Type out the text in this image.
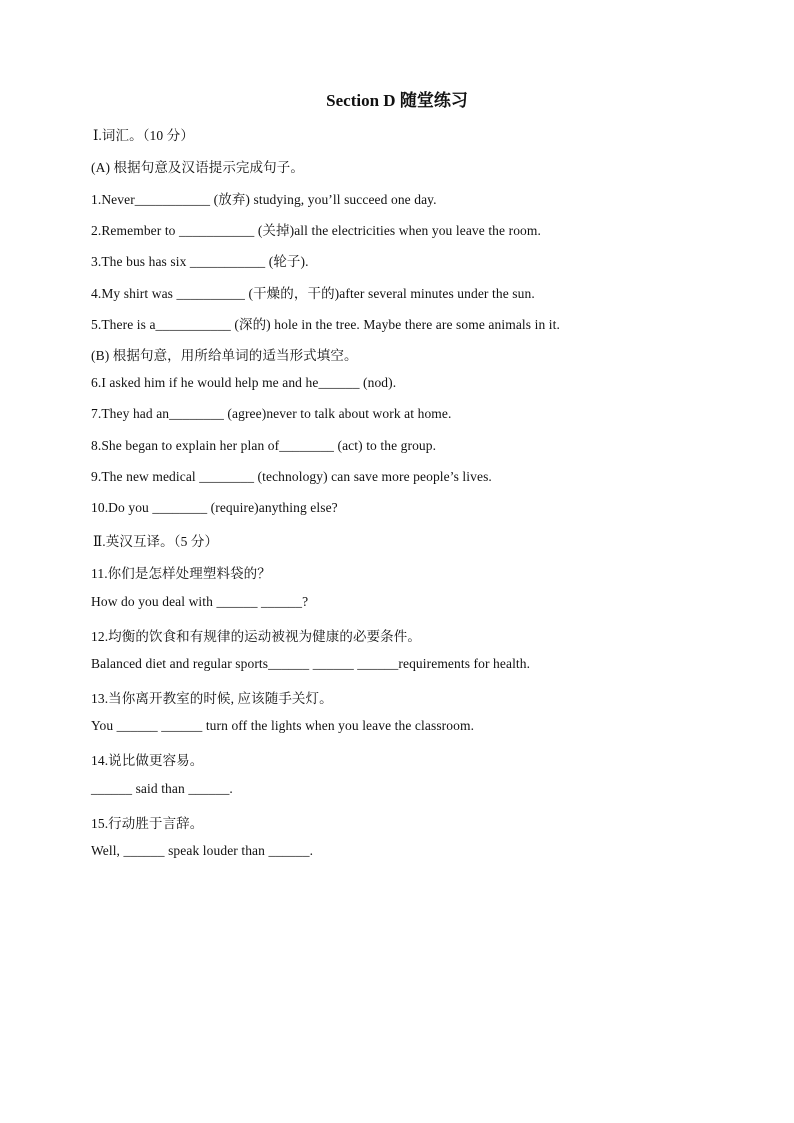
Section D 随堂练习
Ⅰ.词汇。（10 分）
(A) 根据句意及汉语提示完成句子。
1.Never___________ (放弃) studying, you’ll succeed one day.
2.Remember to ___________ (关掉)all the electricities when you leave the room.
3.The bus has six ___________ (轮子).
4.My shirt was __________ (干燥的，干的)after several minutes under the sun.
5.There is a___________ (深的) hole in the tree. Maybe there are some animals in it.
(B) 根据句意，用所给单词的适当形式填空。
6.I asked him if he would help me and he______ (nod).
7.They had an________ (agree)never to talk about work at home.
8.She began to explain her plan of________ (act) to the group.
9.The new medical ________ (technology) can save more people’s lives.
10.Do you ________ (require)anything else?
Ⅱ.英汉互译。（5 分）
11.你们是怎样处理塑料袋的？
How do you deal with ______ ______?
12.均衡的饮食和有规律的运动被视为健康的必要条件。
Balanced diet and regular sports______ ______ ______requirements for health.
13.当你离开教室的时候, 应该随手关灯。
You ______ ______ turn off the lights when you leave the classroom.
14.说比做更容易。
______ said than ______.
15.行动胜于言辞。
Well, ______ speak louder than ______.
